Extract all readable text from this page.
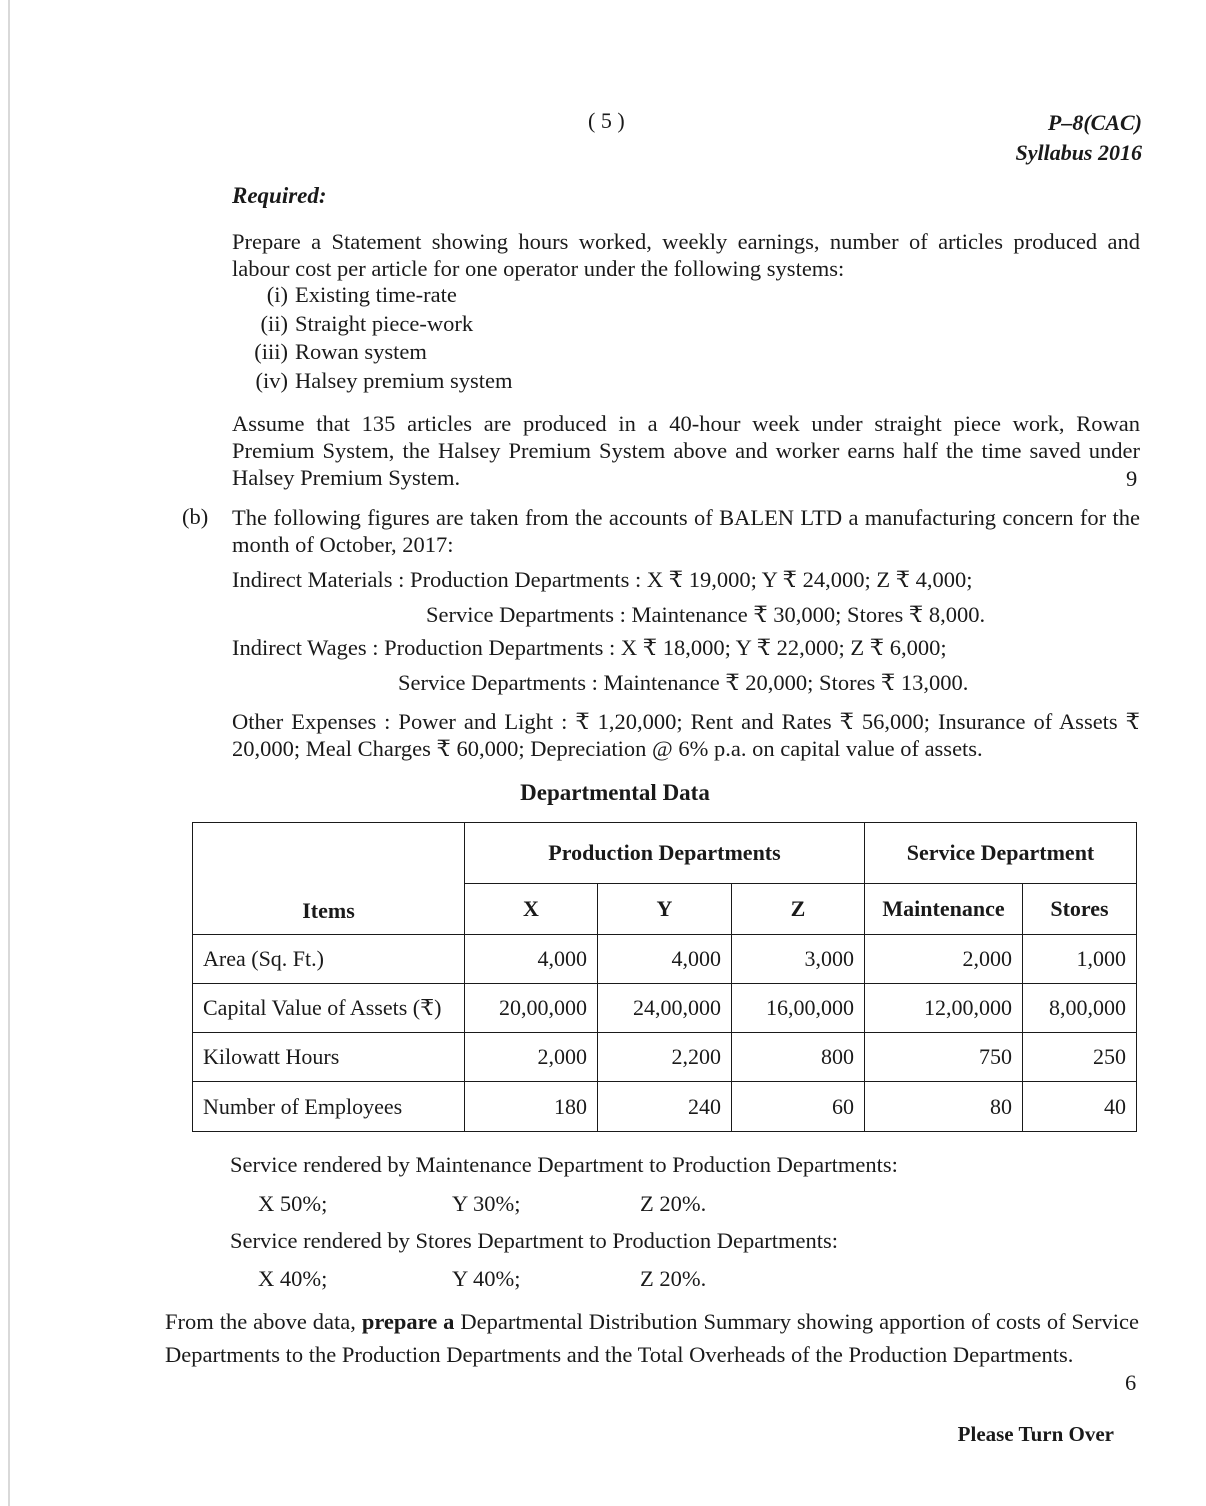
( 5 )	P–8(CAC)
Syllabus 2016
Required:
Prepare a Statement showing hours worked, weekly earnings, number of articles produced and labour cost per article for one operator under the following systems:
(i) Existing time-rate
(ii) Straight piece-work
(iii) Rowan system
(iv) Halsey premium system
Assume that 135 articles are produced in a 40-hour week under straight piece work, Rowan Premium System, the Halsey Premium System above and worker earns half the time saved under Halsey Premium System.	9
(b) The following figures are taken from the accounts of BALEN LTD a manufacturing concern for the month of October, 2017:
Indirect Materials : Production Departments : X ₹ 19,000; Y ₹ 24,000; Z ₹ 4,000;
Service Departments : Maintenance ₹ 30,000; Stores ₹ 8,000.
Indirect Wages : Production Departments : X ₹ 18,000; Y ₹ 22,000; Z ₹ 6,000;
Service Departments : Maintenance ₹ 20,000; Stores ₹ 13,000.
Other Expenses : Power and Light : ₹ 1,20,000; Rent and Rates ₹ 56,000; Insurance of Assets ₹ 20,000; Meal Charges ₹ 60,000; Depreciation @ 6% p.a. on capital value of assets.
Departmental Data
Items	Production Departments			Service Department	
	X	Y	Z	Maintenance	Stores
Area (Sq. Ft.)	4,000	4,000	3,000	2,000	1,000
Capital Value of Assets (₹)	20,00,000	24,00,000	16,00,000	12,00,000	8,00,000
Kilowatt Hours	2,000	2,200	800	750	250
Number of Employees	180	240	60	80	40
Service rendered by Maintenance Department to Production Departments:
X 50%;	Y 30%;	Z 20%.
Service rendered by Stores Department to Production Departments:
X 40%;	Y 40%;	Z 20%.
From the above data, prepare a Departmental Distribution Summary showing apportion of costs of Service Departments to the Production Departments and the Total Overheads of the Production Departments.
6
Please Turn Over
